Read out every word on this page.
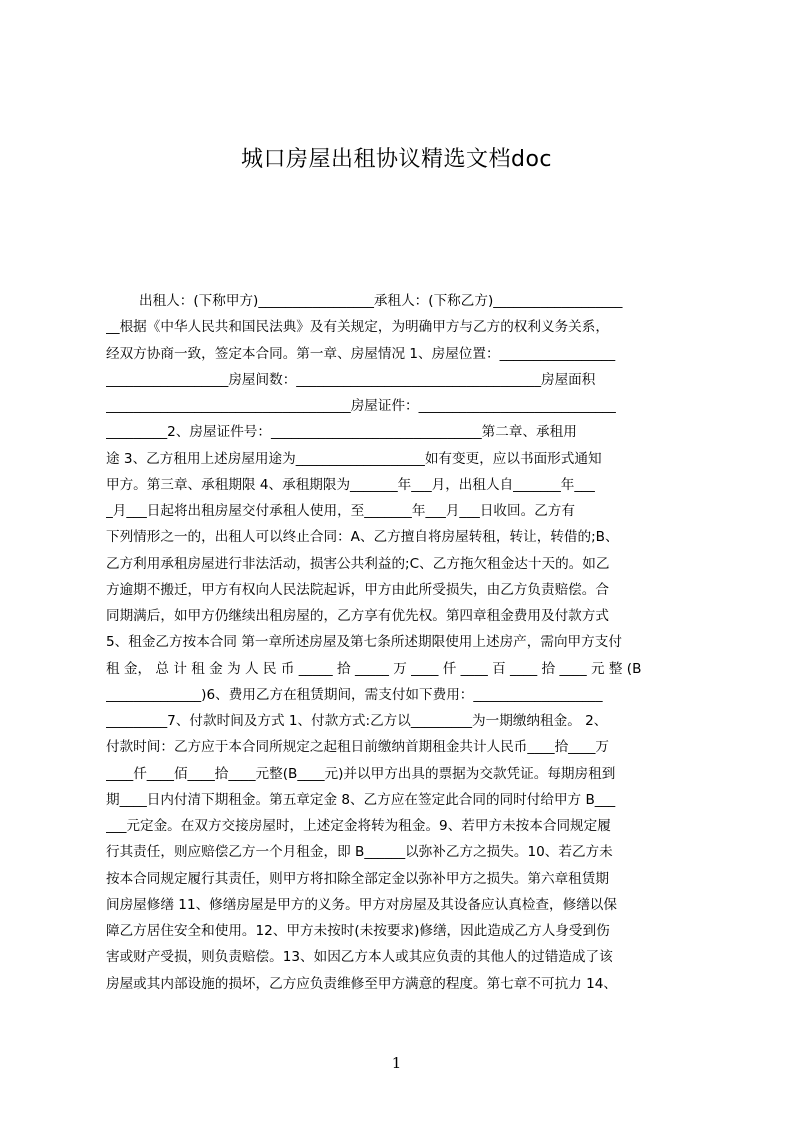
城口房屋出租协议精选文档doc
出租人：(下称甲方)_________________承租人：(下称乙方)___________________
__根据《中华人民共和国民法典》及有关规定，为明确甲方与乙方的权利义务关系，
经双方协商一致，签定本合同。第一章、房屋情况 1、房屋位置：_________________
__________________房屋间数：____________________________________房屋面积
____________________________________房屋证件：_____________________________
_________2、房屋证件号：_______________________________第二章、承租用
途 3、乙方租用上述房屋用途为___________________如有变更，应以书面形式通知
甲方。第三章、承租期限 4、承租期限为_______年___月，出租人自_______年___
_月___日起将出租房屋交付承租人使用，至_______年___月___日收回。乙方有
下列情形之一的，出租人可以终止合同：A、乙方擅自将房屋转租，转让，转借的;B、
乙方利用承租房屋进行非法活动，损害公共利益的;C、乙方拖欠租金达十天的。如乙
方逾期不搬迁，甲方有权向人民法院起诉，甲方由此所受损失，由乙方负责赔偿。合
同期满后，如甲方仍继续出租房屋的，乙方享有优先权。第四章租金费用及付款方式
5、租金乙方按本合同 第一章所述房屋及第七条所述期限使用上述房产，需向甲方支付
租 金， 总 计 租 金 为 人 民 币 _____ 拾 _____ 万 ____ 仟 ____ 百 ____ 拾 ____ 元 整 (B
______________)6、费用乙方在租赁期间，需支付如下费用：___________________
_________7、付款时间及方式 1、付款方式:乙方以_________为一期缴纳租金。 2、
付款时间：乙方应于本合同所规定之起租日前缴纳首期租金共计人民币____拾____万
____仟____佰____拾____元整(B____元)并以甲方出具的票据为交款凭证。每期房租到
期____日内付清下期租金。第五章定金 8、乙方应在签定此合同的同时付给甲方 B___
___元定金。在双方交接房屋时，上述定金将转为租金。9、若甲方未按本合同规定履
行其责任，则应赔偿乙方一个月租金，即 B______以弥补乙方之损失。10、若乙方未
按本合同规定履行其责任，则甲方将扣除全部定金以弥补甲方之损失。第六章租赁期
间房屋修缮 11、修缮房屋是甲方的义务。甲方对房屋及其设备应认真检查，修缮以保
障乙方居住安全和使用。12、甲方未按时(未按要求)修缮，因此造成乙方人身受到伤
害或财产受损，则负责赔偿。13、如因乙方本人或其应负责的其他人的过错造成了该
房屋或其内部设施的损坏，乙方应负责维修至甲方满意的程度。第七章不可抗力 14、
1
